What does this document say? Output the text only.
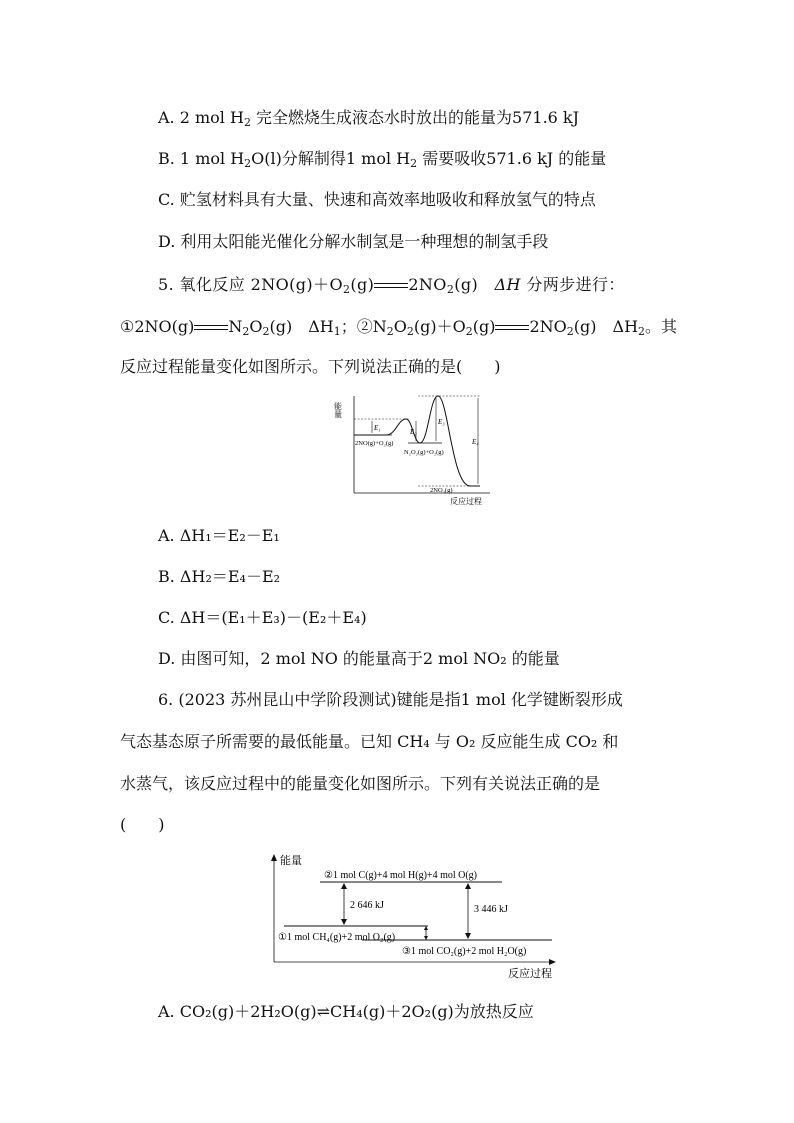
A. 2 mol $H_2$ 完全燃烧生成液态水时放出的能量为571.6 kJ
B. 1 mol $H_2O(l)$分解制得1 mol $H_2$ 需要吸收571.6 kJ 的能量
C. 贮氢材料具有大量、快速和高效率地吸收和释放氢气的特点
D. 利用太阳能光催化分解水制氢是一种理想的制氢手段
5. 氧化反应 $2NO(g)+O_2(g)$ $2NO_2(g)$　 ΔH 分两步进行：
①2NO(g) $N_2O_2(g)$　$\Delta H_1$；$②N_2O_2(g)+O_2(g)$ $2NO_2(g)$　$\Delta H_2$。其
反应过程能量变化如图所示。下列说法正确的是(　　)
能量
反应过程
E₁	E₂
E₃
E₄
2NO(g)+O₂(g)
N₂O₂(g)+O₂(g)
2NO₂(g)
A. ΔH₁＝E₂－E₁
B. ΔH₂＝E₄－E₂
C. ΔH＝(E₁＋E₃)－(E₂＋E₄)
D. 由图可知，2 mol NO 的能量高于2 mol NO₂ 的能量
6. (2023 苏州昆山中学阶段测试)键能是指1 mol 化学键断裂形成
气态基态原子所需要的最低能量。已知 CH₄ 与 O₂ 反应能生成 CO₂ 和
水蒸气，该反应过程中的能量变化如图所示。下列有关说法正确的是
(　　)
能量
反应过程
②1 mol C(g)+4 mol H(g)+4 mol O(g)
①1 mol CH₄(g)+2 mol O₂(g)
③1 mol CO₂(g)+2 mol H₂O(g)
2 646 kJ	3 446 kJ
A. CO₂(g)＋2H₂O(g)⇌CH₄(g)＋2O₂(g)为放热反应
